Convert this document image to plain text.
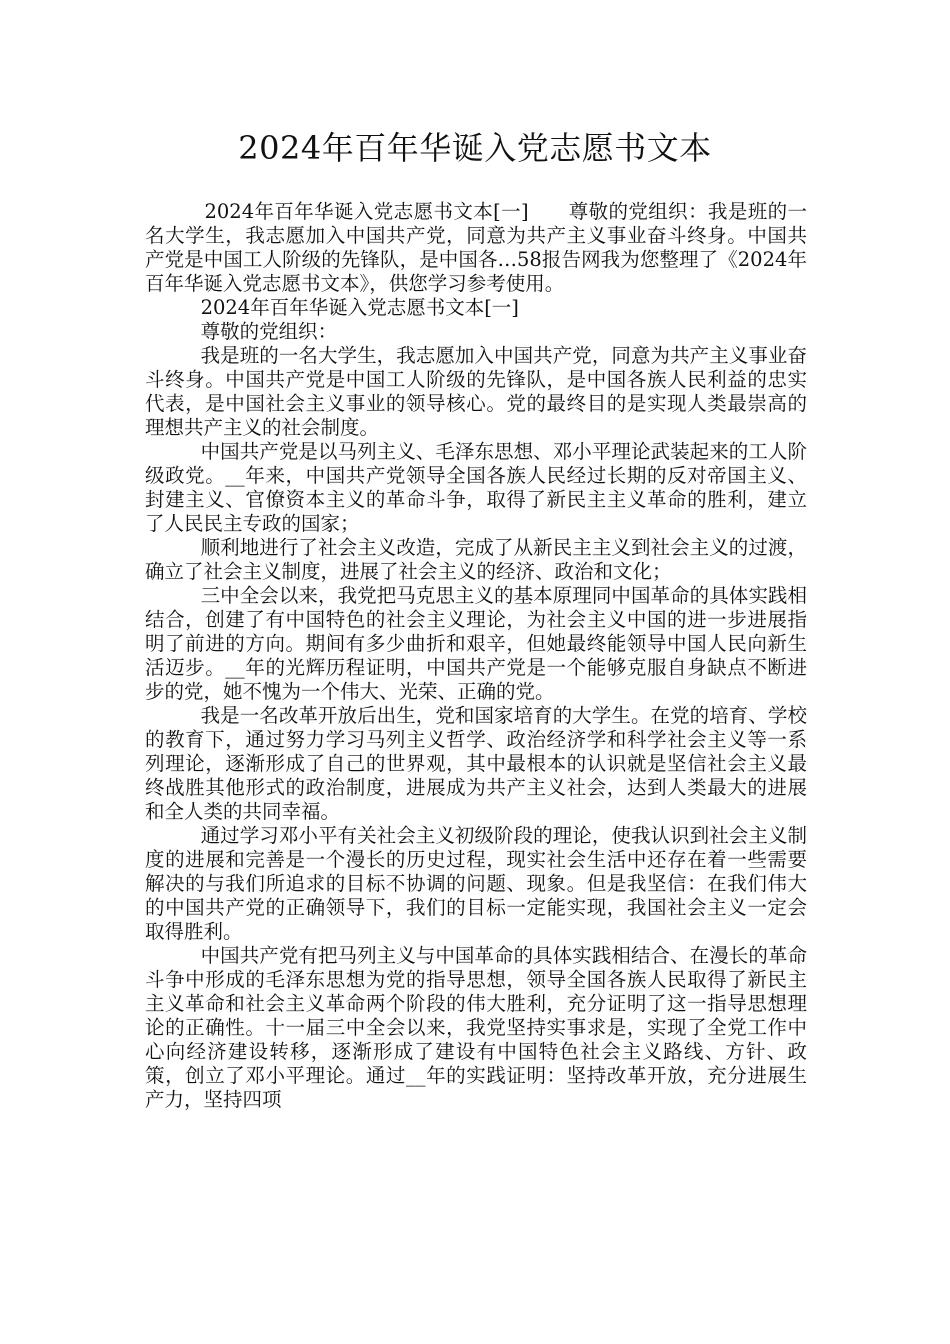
2024年百年华诞入党志愿书文本

2024年百年华诞入党志愿书文本[一]　　尊敬的党组织：我是班的一名大学生，我志愿加入中国共产党，同意为共产主义事业奋斗终身。中国共产党是中国工人阶级的先锋队，是中国各…58报告网我为您整理了《2024年百年华诞入党志愿书文本》，供您学习参考使用。

2024年百年华诞入党志愿书文本[一]

尊敬的党组织：

我是班的一名大学生，我志愿加入中国共产党，同意为共产主义事业奋斗终身。中国共产党是中国工人阶级的先锋队，是中国各族人民利益的忠实代表，是中国社会主义事业的领导核心。党的最终目的是实现人类最崇高的理想共产主义的社会制度。

中国共产党是以马列主义、毛泽东思想、邓小平理论武装起来的工人阶级政党。__年来，中国共产党领导全国各族人民经过长期的反对帝国主义、封建主义、官僚资本主义的革命斗争，取得了新民主主义革命的胜利，建立了人民民主专政的国家；

顺利地进行了社会主义改造，完成了从新民主主义到社会主义的过渡，确立了社会主义制度，进展了社会主义的经济、政治和文化；

三中全会以来，我党把马克思主义的基本原理同中国革命的具体实践相结合，创建了有中国特色的社会主义理论，为社会主义中国的进一步进展指明了前进的方向。期间有多少曲折和艰辛，但她最终能领导中国人民向新生活迈步。__年的光辉历程证明，中国共产党是一个能够克服自身缺点不断进步的党，她不愧为一个伟大、光荣、正确的党。

我是一名改革开放后出生，党和国家培育的大学生。在党的培育、学校的教育下，通过努力学习马列主义哲学、政治经济学和科学社会主义等一系列理论，逐渐形成了自己的世界观，其中最根本的认识就是坚信社会主义最终战胜其他形式的政治制度，进展成为共产主义社会，达到人类最大的进展和全人类的共同幸福。

通过学习邓小平有关社会主义初级阶段的理论，使我认识到社会主义制度的进展和完善是一个漫长的历史过程，现实社会生活中还存在着一些需要解决的与我们所追求的目标不协调的问题、现象。但是我坚信：在我们伟大的中国共产党的正确领导下，我们的目标一定能实现，我国社会主义一定会取得胜利。

中国共产党有把马列主义与中国革命的具体实践相结合、在漫长的革命斗争中形成的毛泽东思想为党的指导思想，领导全国各族人民取得了新民主主义革命和社会主义革命两个阶段的伟大胜利，充分证明了这一指导思想理论的正确性。十一届三中全会以来，我党坚持实事求是，实现了全党工作中心向经济建设转移，逐渐形成了建设有中国特色社会主义路线、方针、政策，创立了邓小平理论。通过__年的实践证明：坚持改革开放，充分进展生产力，坚持四项
